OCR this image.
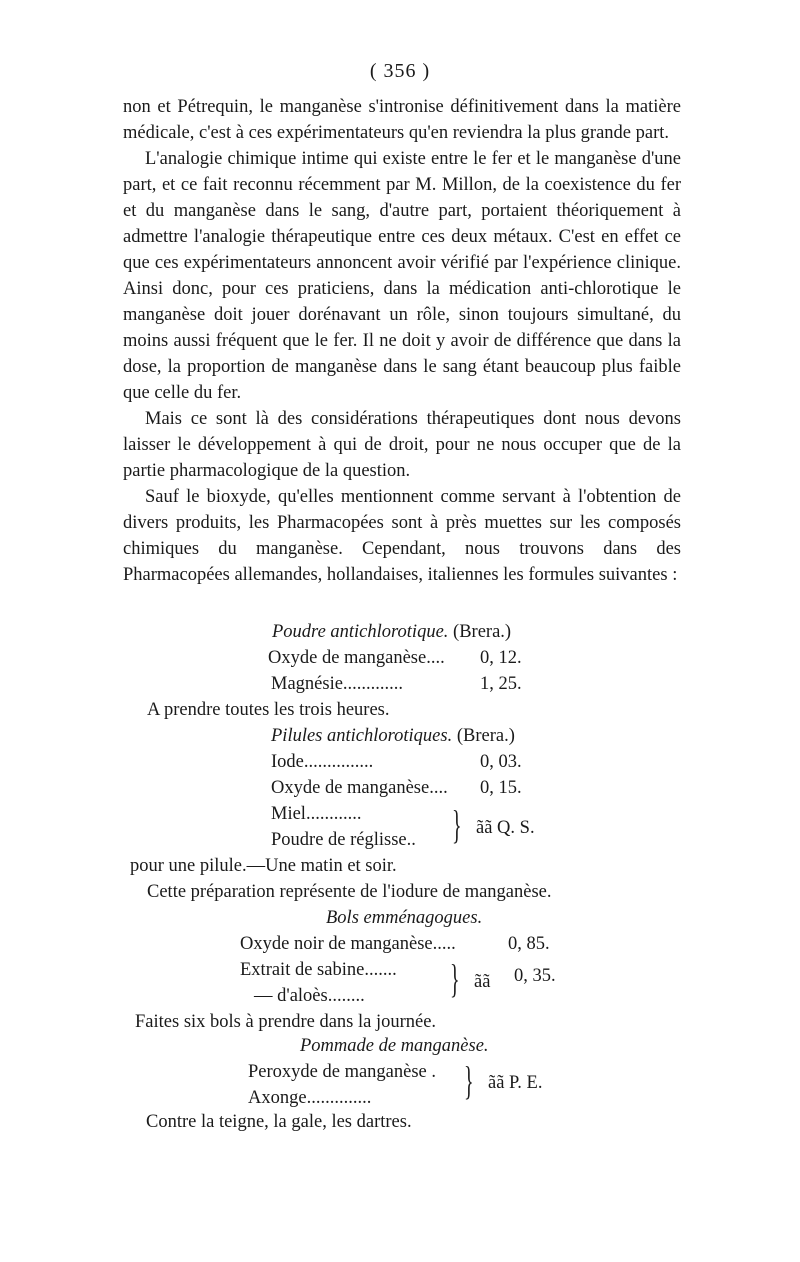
( 356 )

non et Pétrequin, le manganèse s'intronise définitivement dans la matière médicale, c'est à ces expérimentateurs qu'en reviendra la plus grande part.

L'analogie chimique intime qui existe entre le fer et le manganèse d'une part, et ce fait reconnu récemment par M. Millon, de la coexistence du fer et du manganèse dans le sang, d'autre part, portaient théoriquement à admettre l'analogie thérapeutique entre ces deux métaux. C'est en effet ce que ces expérimentateurs annoncent avoir vérifié par l'expérience clinique. Ainsi donc, pour ces praticiens, dans la médication anti-chlorotique le manganèse doit jouer dorénavant un rôle, sinon toujours simultané, du moins aussi fréquent que le fer. Il ne doit y avoir de différence que dans la dose, la proportion de manganèse dans le sang étant beaucoup plus faible que celle du fer.

Mais ce sont là des considérations thérapeutiques dont nous devons laisser le développement à qui de droit, pour ne nous occuper que de la partie pharmacologique de la question.

Sauf le bioxyde, qu'elles mentionnent comme servant à l'obtention de divers produits, les Pharmacopées sont à près muettes sur les composés chimiques du manganèse. Cependant, nous trouvons dans des Pharmacopées allemandes, hollandaises, italiennes les formules suivantes :

Poudre antichlorotique. (Brera.)
Oxyde de manganèse.... 0, 12.
Magnésie.............	1, 25.
A prendre toutes les trois heures.
Pilules antichlorotiques. (Brera.)
Iode...............	0, 03.
Oxyde de manganèse.... 0, 15.
Miel............
Poudre de réglisse.. } ãã Q. S.
pour une pilule.—Une matin et soir.
Cette préparation représente de l'iodure de manganèse.
Bols emménagogues.
Oxyde noir de manganèse.....	0, 85.
Extrait de sabine.......
— d'aloès........ } ãã 0, 35.
Faites six bols à prendre dans la journée.
Pommade de manganèse.
Peroxyde de manganèse .
Axonge.............. } ãã P. E.
Contre la teigne, la gale, les dartres.
